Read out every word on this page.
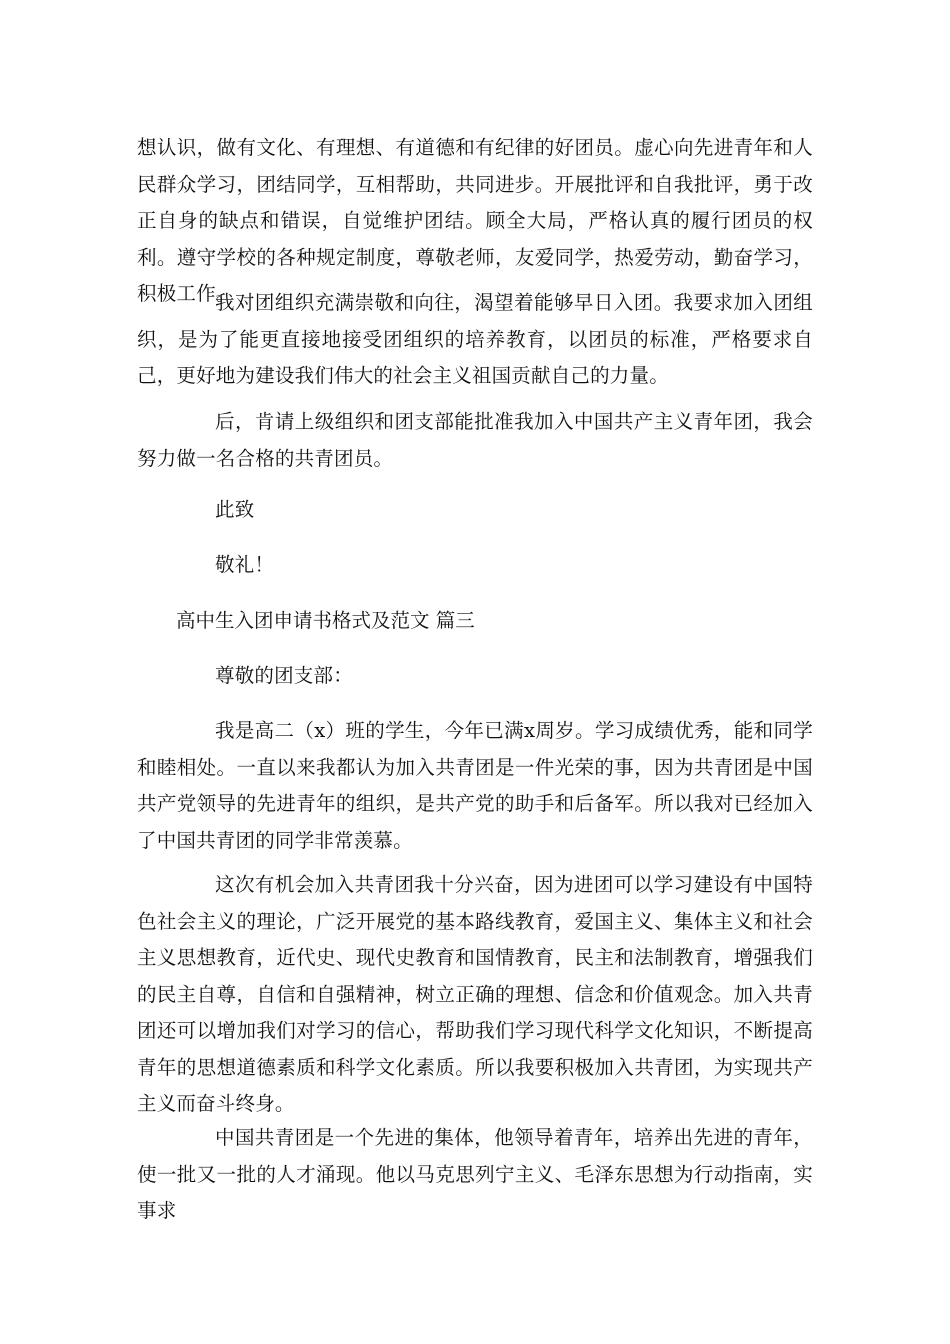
想认识，做有文化、有理想、有道德和有纪律的好团员。虚心向先进青年和人民群众学习，团结同学，互相帮助，共同进步。开展批评和自我批评，勇于改正自身的缺点和错误，自觉维护团结。顾全大局，严格认真的履行团员的权利。遵守学校的各种规定制度，尊敬老师，友爱同学，热爱劳动，勤奋学习，积极工作。

我对团组织充满崇敬和向往，渴望着能够早日入团。我要求加入团组织，是为了能更直接地接受团组织的培养教育，以团员的标准，严格要求自己，更好地为建设我们伟大的社会主义祖国贡献自己的力量。

后，肯请上级组织和团支部能批准我加入中国共产主义青年团，我会努力做一名合格的共青团员。

此致

敬礼！

高中生入团申请书格式及范文 篇三

尊敬的团支部：

我是高二（x）班的学生，今年已满x周岁。学习成绩优秀，能和同学和睦相处。一直以来我都认为加入共青团是一件光荣的事，因为共青团是中国共产党领导的先进青年的组织，是共产党的助手和后备军。所以我对已经加入了中国共青团的同学非常羡慕。

这次有机会加入共青团我十分兴奋，因为进团可以学习建设有中国特色社会主义的理论，广泛开展党的基本路线教育，爱国主义、集体主义和社会主义思想教育，近代史、现代史教育和国情教育，民主和法制教育，增强我们的民主自尊，自信和自强精神，树立正确的理想、信念和价值观念。加入共青团还可以增加我们对学习的信心，帮助我们学习现代科学文化知识，不断提高青年的思想道德素质和科学文化素质。所以我要积极加入共青团，为实现共产主义而奋斗终身。

中国共青团是一个先进的集体，他领导着青年，培养出先进的青年，使一批又一批的人才涌现。他以马克思列宁主义、毛泽东思想为行动指南，实事求
